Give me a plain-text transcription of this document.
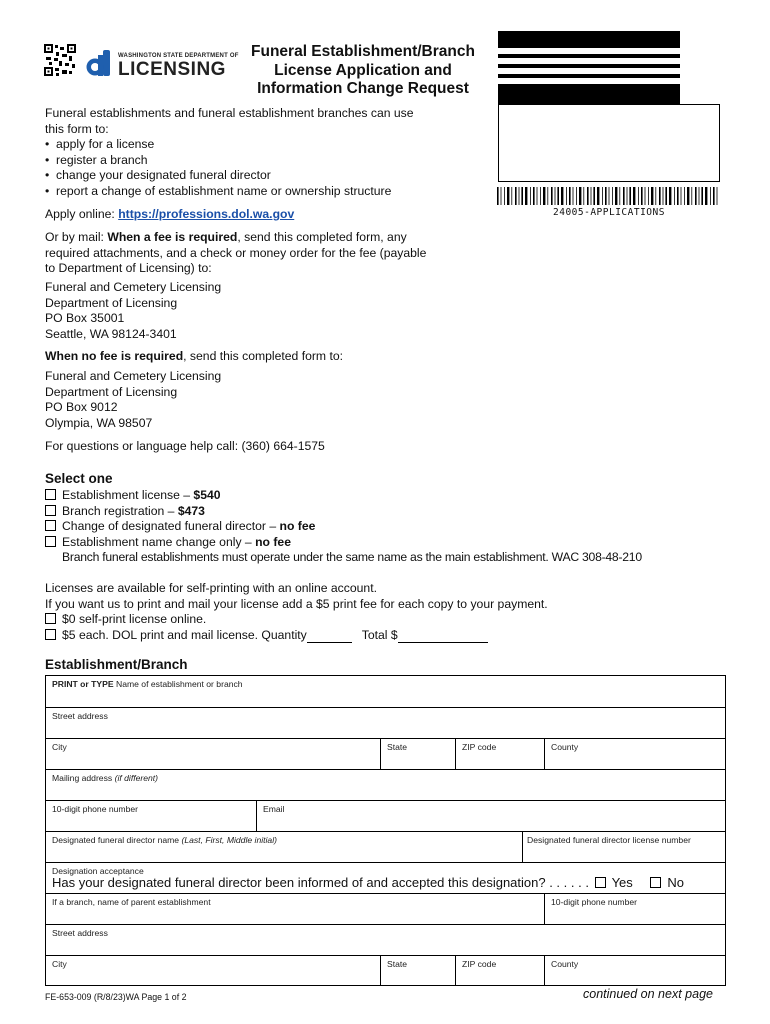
WASHINGTON STATE DEPARTMENT OF
LICENSING
Funeral Establishment/Branch
License Application and
Information Change Request
24005-APPLICATIONS
Funeral establishments and funeral establishment branches can use
this form to:
•  apply for a license
•  register a branch
•  change your designated funeral director
•  report a change of establishment name or ownership structure
Apply online: https://professions.dol.wa.gov
Or by mail: When a fee is required, send this completed form, any
required attachments, and a check or money order for the fee (payable
to Department of Licensing) to:
Funeral and Cemetery Licensing
Department of Licensing
PO Box 35001
Seattle, WA 98124-3401
When no fee is required, send this completed form to:
Funeral and Cemetery Licensing
Department of Licensing
PO Box 9012
Olympia, WA 98507
For questions or language help call: (360) 664-1575
Select one
Establishment license – $540
Branch registration – $473
Change of designated funeral director – no fee
Establishment name change only – no fee
Branch funeral establishments must operate under the same name as the main establishment. WAC 308-48-210
Licenses are available for self-printing with an online account.
If you want us to print and mail your license add a $5 print fee for each copy to your payment.
$0 self-print license online.
$5 each. DOL print and mail license. Quantity	Total $
Establishment/Branch
PRINT or TYPE Name of establishment or branch
Street address
City	State	ZIP code	County
Mailing address (if different)
10-digit phone number	Email
Designated funeral director name (Last, First, Middle initial)	Designated funeral director license number
Designation acceptance
Has your designated funeral director been informed of and accepted this designation? . . . . . . Yes	No
If a branch, name of parent establishment	10-digit phone number
Street address
City	State	ZIP code	County
FE-653-009 (R/8/23)WA Page 1 of 2	continued on next page
